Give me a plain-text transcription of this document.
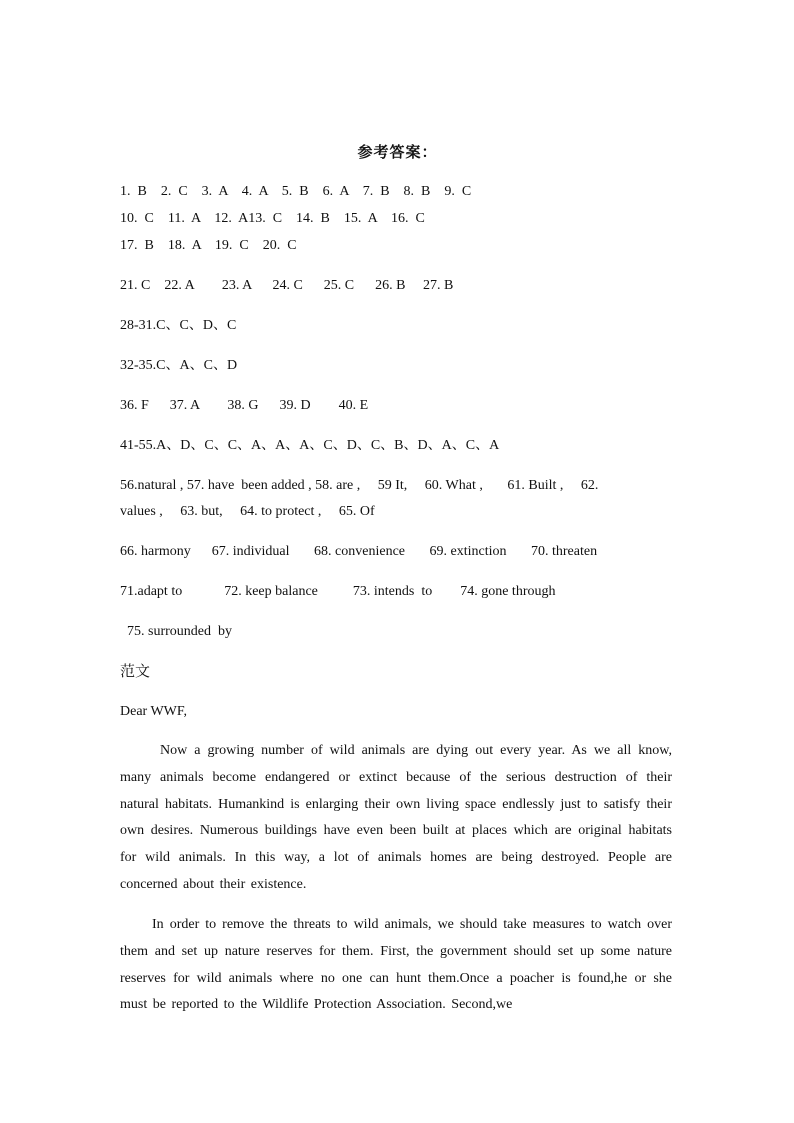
参考答案：
1.  B    2.  C    3.  A    4.  A    5.  B    6.  A    7.  B    8.  B    9.  C
10.  C    11.  A    12.  A13.  C    14.  B    15.  A    16.  C
17.  B    18.  A    19.  C    20.  C
21. C    22. A        23. A      24. C      25. C      26. B     27. B
28-31.C、C、D、C
32-35.C、A、C、D
36. F      37. A        38. G      39. D        40. E
41-55.A、D、C、C、A、A、A、C、D、C、B、D、A、C、A
56.natural , 57. have  been added , 58. are ,     59 It,     60. What ,       61. Built ,     62.
values ,     63. but,     64. to protect ,     65. Of
66. harmony      67. individual       68. convenience       69. extinction       70. threaten
71.adapt to            72. keep balance          73. intends  to        74. gone through
75. surrounded  by
范文
Dear WWF,
Now a growing number of wild animals are dying out every year. As we all know, many animals become endangered or extinct because of the serious destruction of their natural habitats. Humankind is enlarging their own living space endlessly just to satisfy their own desires. Numerous buildings have even been built at places which are original habitats for wild animals. In this way, a lot of animals homes are being destroyed. People are concerned about their existence.
In order to remove the threats to wild animals, we should take measures to watch over them and set up nature reserves for them. First, the government should set up some nature reserves for wild animals where no one can hunt them.Once a poacher is found,he or she must be reported to the Wildlife Protection Association. Second,we
